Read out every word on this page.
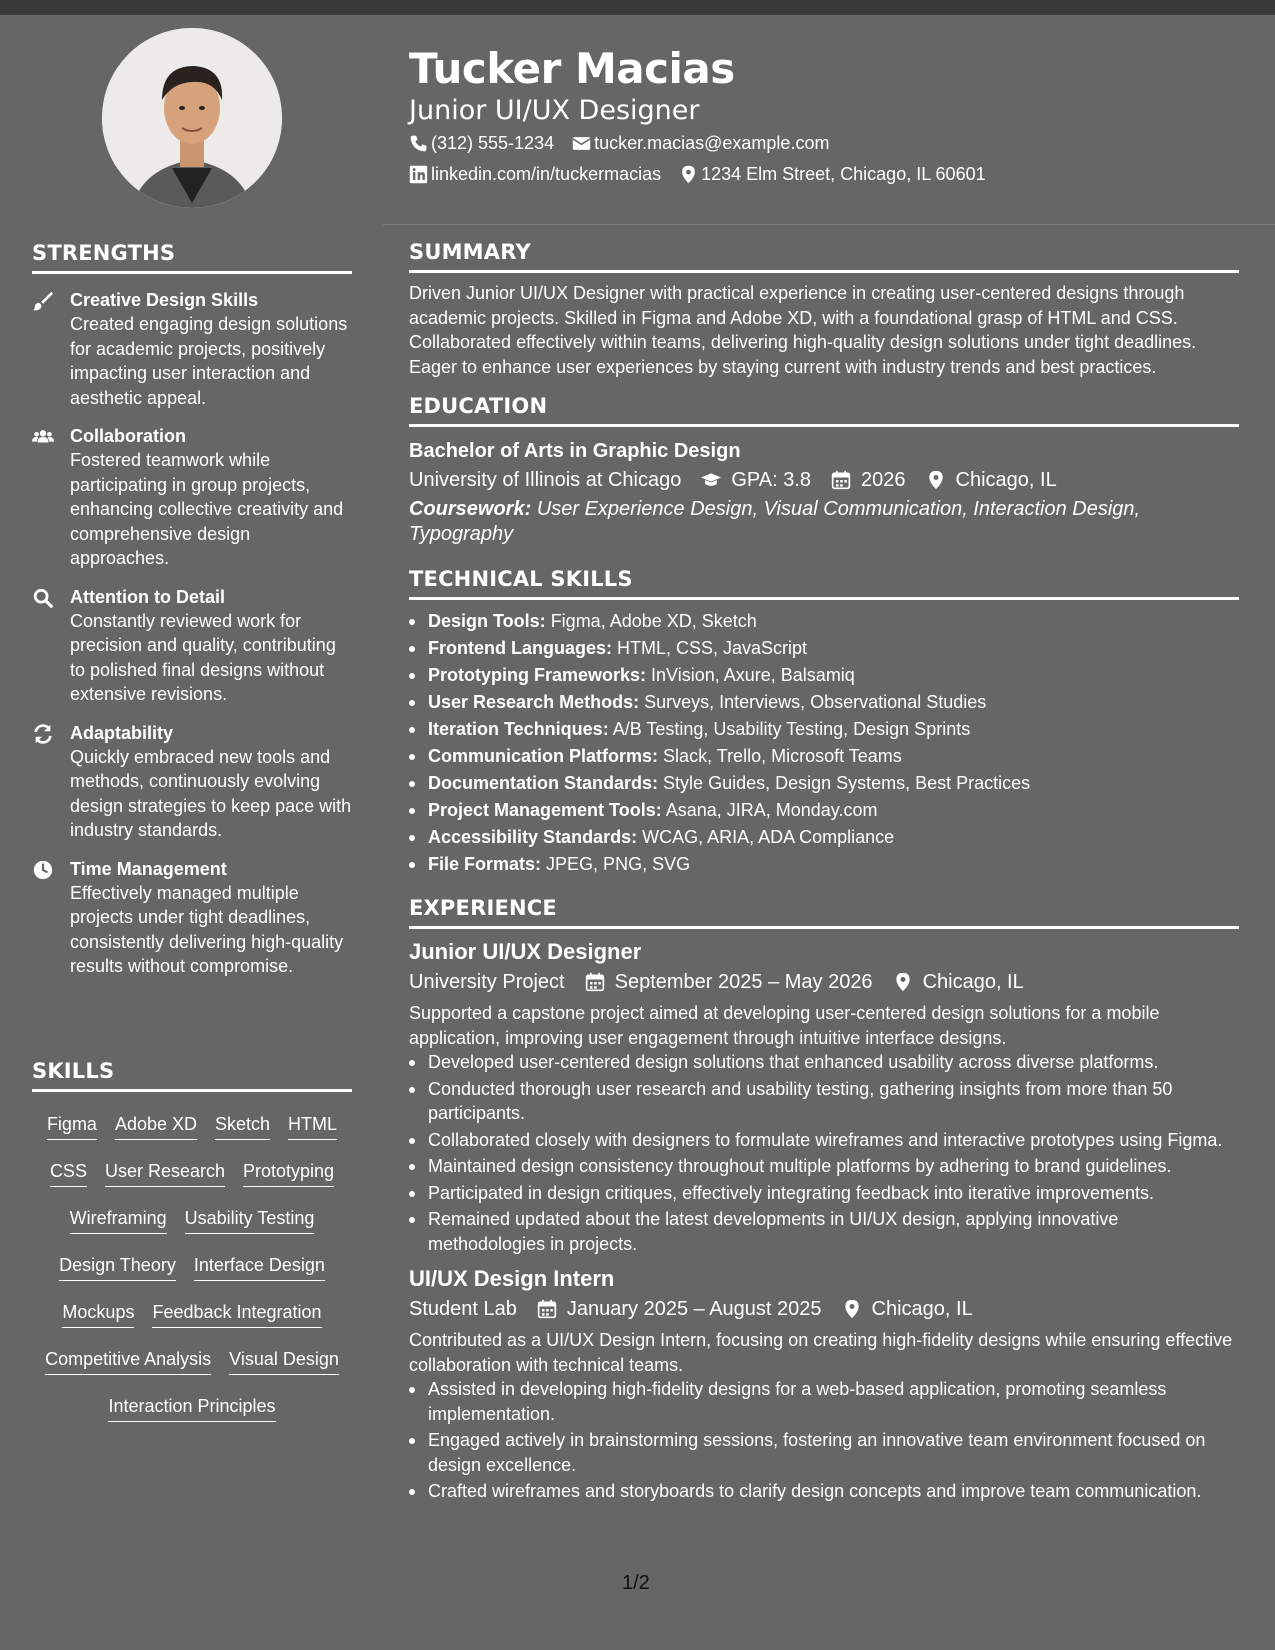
STRENGTHS
Creative Design Skills
Created engaging design solutions for academic projects, positively impacting user interaction and aesthetic appeal.
Collaboration
Fostered teamwork while participating in group projects, enhancing collective creativity and comprehensive design approaches.
Attention to Detail
Constantly reviewed work for precision and quality, contributing to polished final designs without extensive revisions.
Adaptability
Quickly embraced new tools and methods, continuously evolving design strategies to keep pace with industry standards.
Time Management
Effectively managed multiple projects under tight deadlines, consistently delivering high-quality results without compromise.
SKILLS
Figma Adobe XD Sketch HTML
CSS User Research Prototyping
Wireframing Usability Testing
Design Theory Interface Design
Mockups Feedback Integration
Competitive Analysis Visual Design
Interaction Principles
Tucker Macias
Junior UI/UX Designer
(312) 555-1234 tucker.macias@example.com
linkedin.com/in/tuckermacias 1234 Elm Street, Chicago, IL 60601
SUMMARY
Driven Junior UI/UX Designer with practical experience in creating user-centered designs through academic projects. Skilled in Figma and Adobe XD, with a foundational grasp of HTML and CSS. Collaborated effectively within teams, delivering high-quality design solutions under tight deadlines. Eager to enhance user experiences by staying current with industry trends and best practices.
EDUCATION
Bachelor of Arts in Graphic Design
University of Illinois at Chicago	GPA: 3.8	2026	Chicago, IL
Coursework: User Experience Design, Visual Communication, Interaction Design, Typography
TECHNICAL SKILLS
Design Tools: Figma, Adobe XD, Sketch
Frontend Languages: HTML, CSS, JavaScript
Prototyping Frameworks: InVision, Axure, Balsamiq
User Research Methods: Surveys, Interviews, Observational Studies
Iteration Techniques: A/B Testing, Usability Testing, Design Sprints
Communication Platforms: Slack, Trello, Microsoft Teams
Documentation Standards: Style Guides, Design Systems, Best Practices
Project Management Tools: Asana, JIRA, Monday.com
Accessibility Standards: WCAG, ARIA, ADA Compliance
File Formats: JPEG, PNG, SVG
EXPERIENCE
Junior UI/UX Designer
University Project	September 2025 – May 2026	Chicago, IL
Supported a capstone project aimed at developing user-centered design solutions for a mobile application, improving user engagement through intuitive interface designs.
Developed user-centered design solutions that enhanced usability across diverse platforms.
Conducted thorough user research and usability testing, gathering insights from more than 50 participants.
Collaborated closely with designers to formulate wireframes and interactive prototypes using Figma.
Maintained design consistency throughout multiple platforms by adhering to brand guidelines.
Participated in design critiques, effectively integrating feedback into iterative improvements.
Remained updated about the latest developments in UI/UX design, applying innovative methodologies in projects.
UI/UX Design Intern
Student Lab	January 2025 – August 2025	Chicago, IL
Contributed as a UI/UX Design Intern, focusing on creating high-fidelity designs while ensuring effective collaboration with technical teams.
Assisted in developing high-fidelity designs for a web-based application, promoting seamless implementation.
Engaged actively in brainstorming sessions, fostering an innovative team environment focused on design excellence.
Crafted wireframes and storyboards to clarify design concepts and improve team communication.
1/2
